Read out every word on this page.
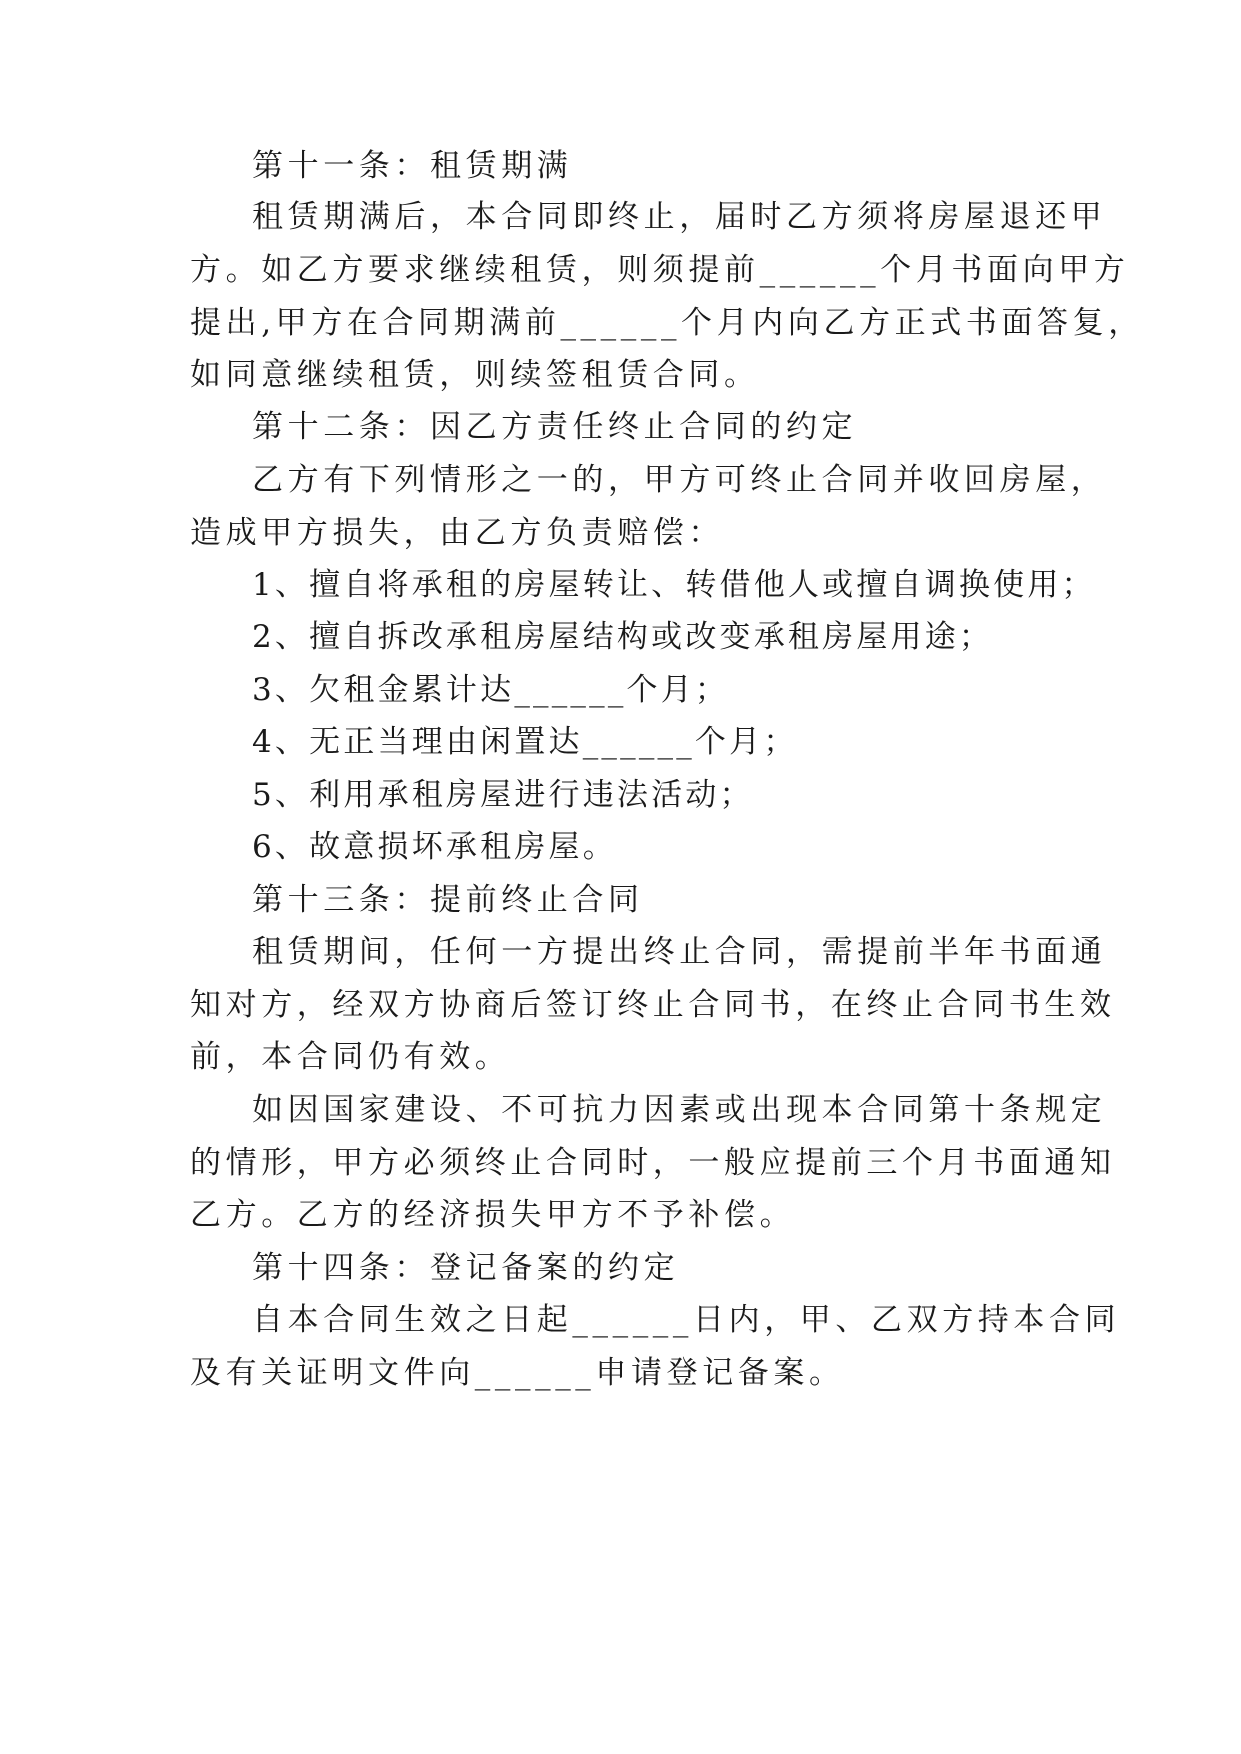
第十一条：租赁期满
租赁期满后，本合同即终止，届时乙方须将房屋退还甲
方。如乙方要求继续租赁，则须提前______个月书面向甲方
提出,甲方在合同期满前______个月内向乙方正式书面答复，
如同意继续租赁，则续签租赁合同。
第十二条：因乙方责任终止合同的约定
乙方有下列情形之一的，甲方可终止合同并收回房屋，
造成甲方损失，由乙方负责赔偿：
1、擅自将承租的房屋转让、转借他人或擅自调换使用；
2、擅自拆改承租房屋结构或改变承租房屋用途；
3、欠租金累计达______个月；
4、无正当理由闲置达______个月；
5、利用承租房屋进行违法活动；
6、故意损坏承租房屋。
第十三条：提前终止合同
租赁期间，任何一方提出终止合同，需提前半年书面通
知对方，经双方协商后签订终止合同书，在终止合同书生效
前，本合同仍有效。
如因国家建设、不可抗力因素或出现本合同第十条规定
的情形，甲方必须终止合同时，一般应提前三个月书面通知
乙方。乙方的经济损失甲方不予补偿。
第十四条：登记备案的约定
自本合同生效之日起______日内，甲、乙双方持本合同
及有关证明文件向______申请登记备案。
